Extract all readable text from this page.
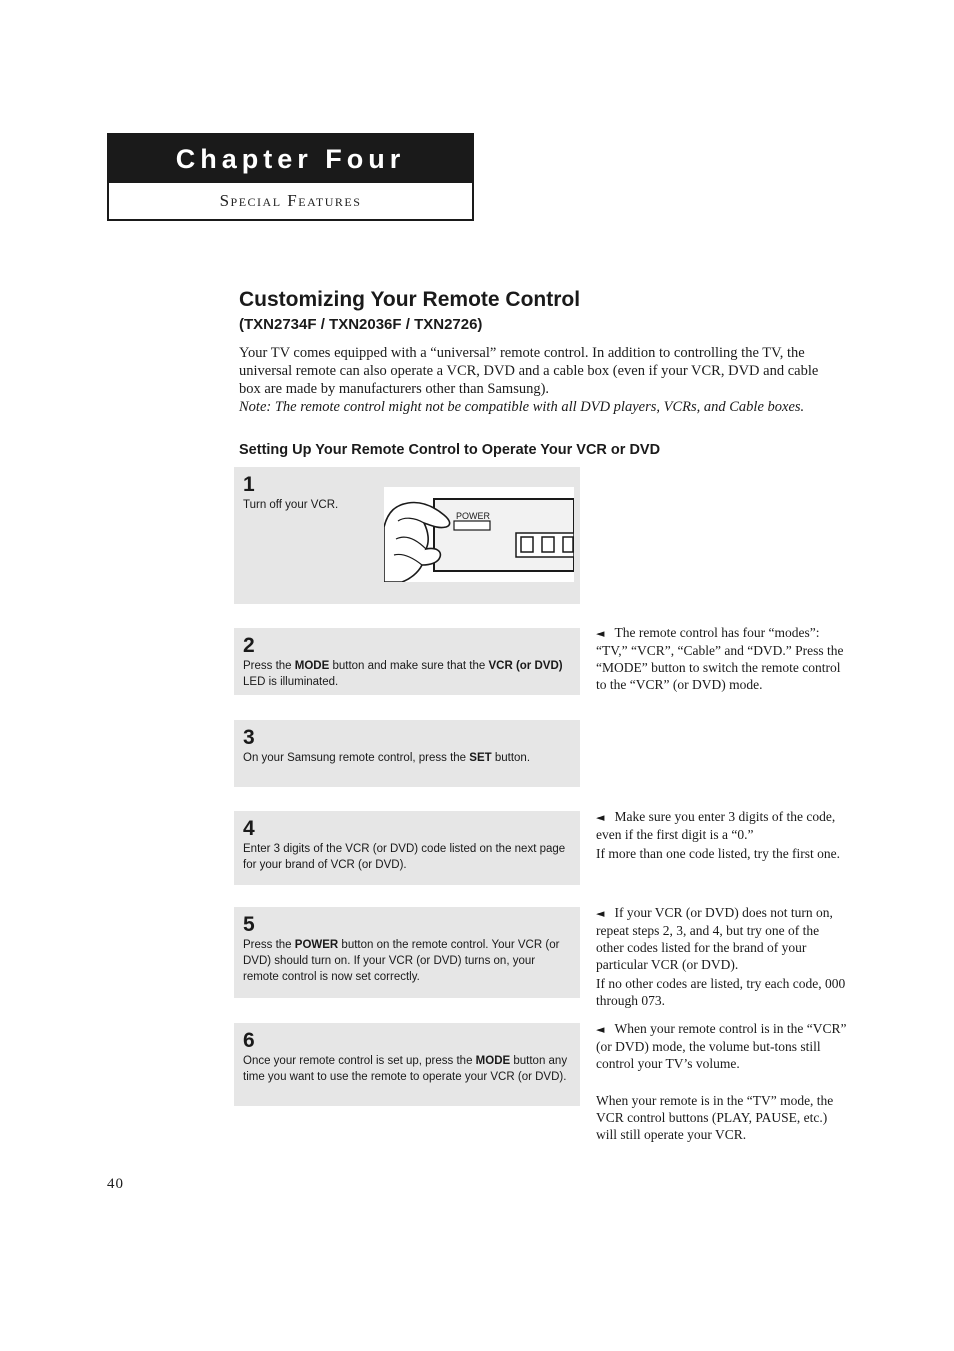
Chapter Four
Special Features
Customizing Your Remote Control
(TXN2734F / TXN2036F / TXN2726)

Your TV comes equipped with a “universal” remote control. In addition to controlling the TV, the universal remote can also operate a VCR, DVD and a cable box (even if your VCR, DVD and cable box are made by manufacturers other than Samsung).
Note: The remote control might not be compatible with all DVD players, VCRs, and Cable boxes.

Setting Up Your Remote Control to Operate Your VCR or DVD
1
Turn off your VCR.
POWER
2
Press the MODE button and make sure that the VCR (or DVD) LED is illuminated.
3
On your Samsung remote control, press the SET button.
4
Enter 3 digits of the VCR (or DVD) code listed on the next page for your brand of VCR (or DVD).
5
Press the POWER button on the remote control. Your VCR (or DVD) should turn on. If your VCR (or DVD) turns on, your remote control is now set correctly.
6
Once your remote control is set up, press the MODE button any time you want to use the remote to operate your VCR (or DVD).

◄ The remote control has four “modes”: “TV,” “VCR”, “Cable” and “DVD.” Press the “MODE” button to switch the remote control to the “VCR” (or DVD) mode.

◄ Make sure you enter 3 digits of the code, even if the first digit is a “0.”

If more than one code listed, try the first one.

◄ If your VCR (or DVD) does not turn on, repeat steps 2, 3, and 4, but try one of the other codes listed for the brand of your particular VCR (or DVD).

If no other codes are listed, try each code, 000 through 073.

◄ When your remote control is in the “VCR” (or DVD) mode, the volume but-tons still control your TV’s volume.

When your remote is in the “TV” mode, the VCR control buttons (PLAY, PAUSE, etc.) will still operate your VCR.

40
